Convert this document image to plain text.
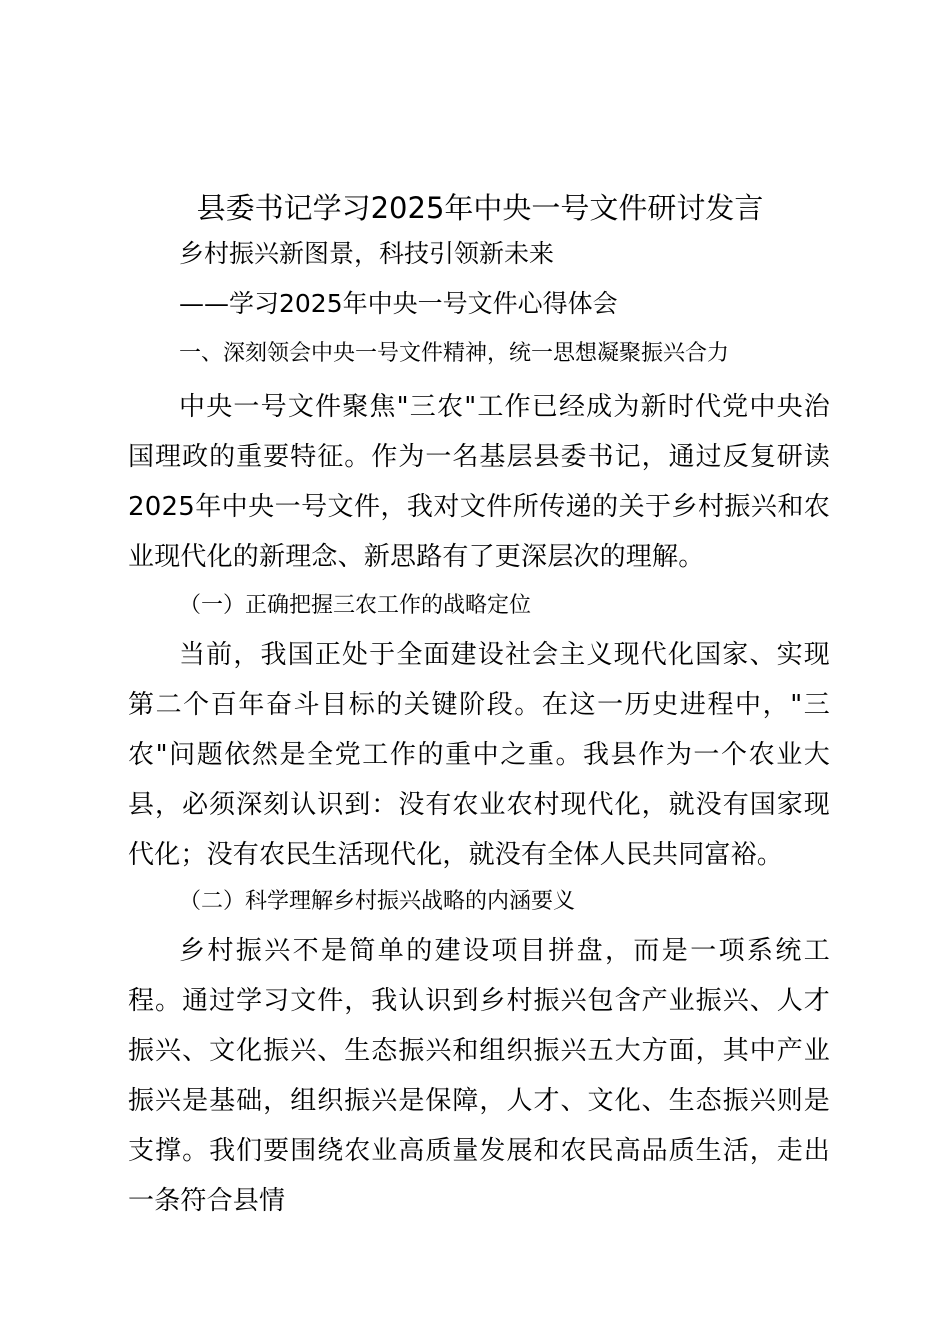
县委书记学习2025年中央一号文件研讨发言
乡村振兴新图景，科技引领新未来
——学习2025年中央一号文件心得体会
一、深刻领会中央一号文件精神，统一思想凝聚振兴合力
中央一号文件聚焦"三农"工作已经成为新时代党中央治国理政的重要特征。作为一名基层县委书记，通过反复研读2025年中央一号文件，我对文件所传递的关于乡村振兴和农业现代化的新理念、新思路有了更深层次的理解。
（一）正确把握三农工作的战略定位
当前，我国正处于全面建设社会主义现代化国家、实现第二个百年奋斗目标的关键阶段。在这一历史进程中，"三农"问题依然是全党工作的重中之重。我县作为一个农业大县，必须深刻认识到：没有农业农村现代化，就没有国家现代化；没有农民生活现代化，就没有全体人民共同富裕。
（二）科学理解乡村振兴战略的内涵要义
乡村振兴不是简单的建设项目拼盘，而是一项系统工程。通过学习文件，我认识到乡村振兴包含产业振兴、人才振兴、文化振兴、生态振兴和组织振兴五大方面，其中产业振兴是基础，组织振兴是保障，人才、文化、生态振兴则是支撑。我们要围绕农业高质量发展和农民高品质生活，走出一条符合县情
